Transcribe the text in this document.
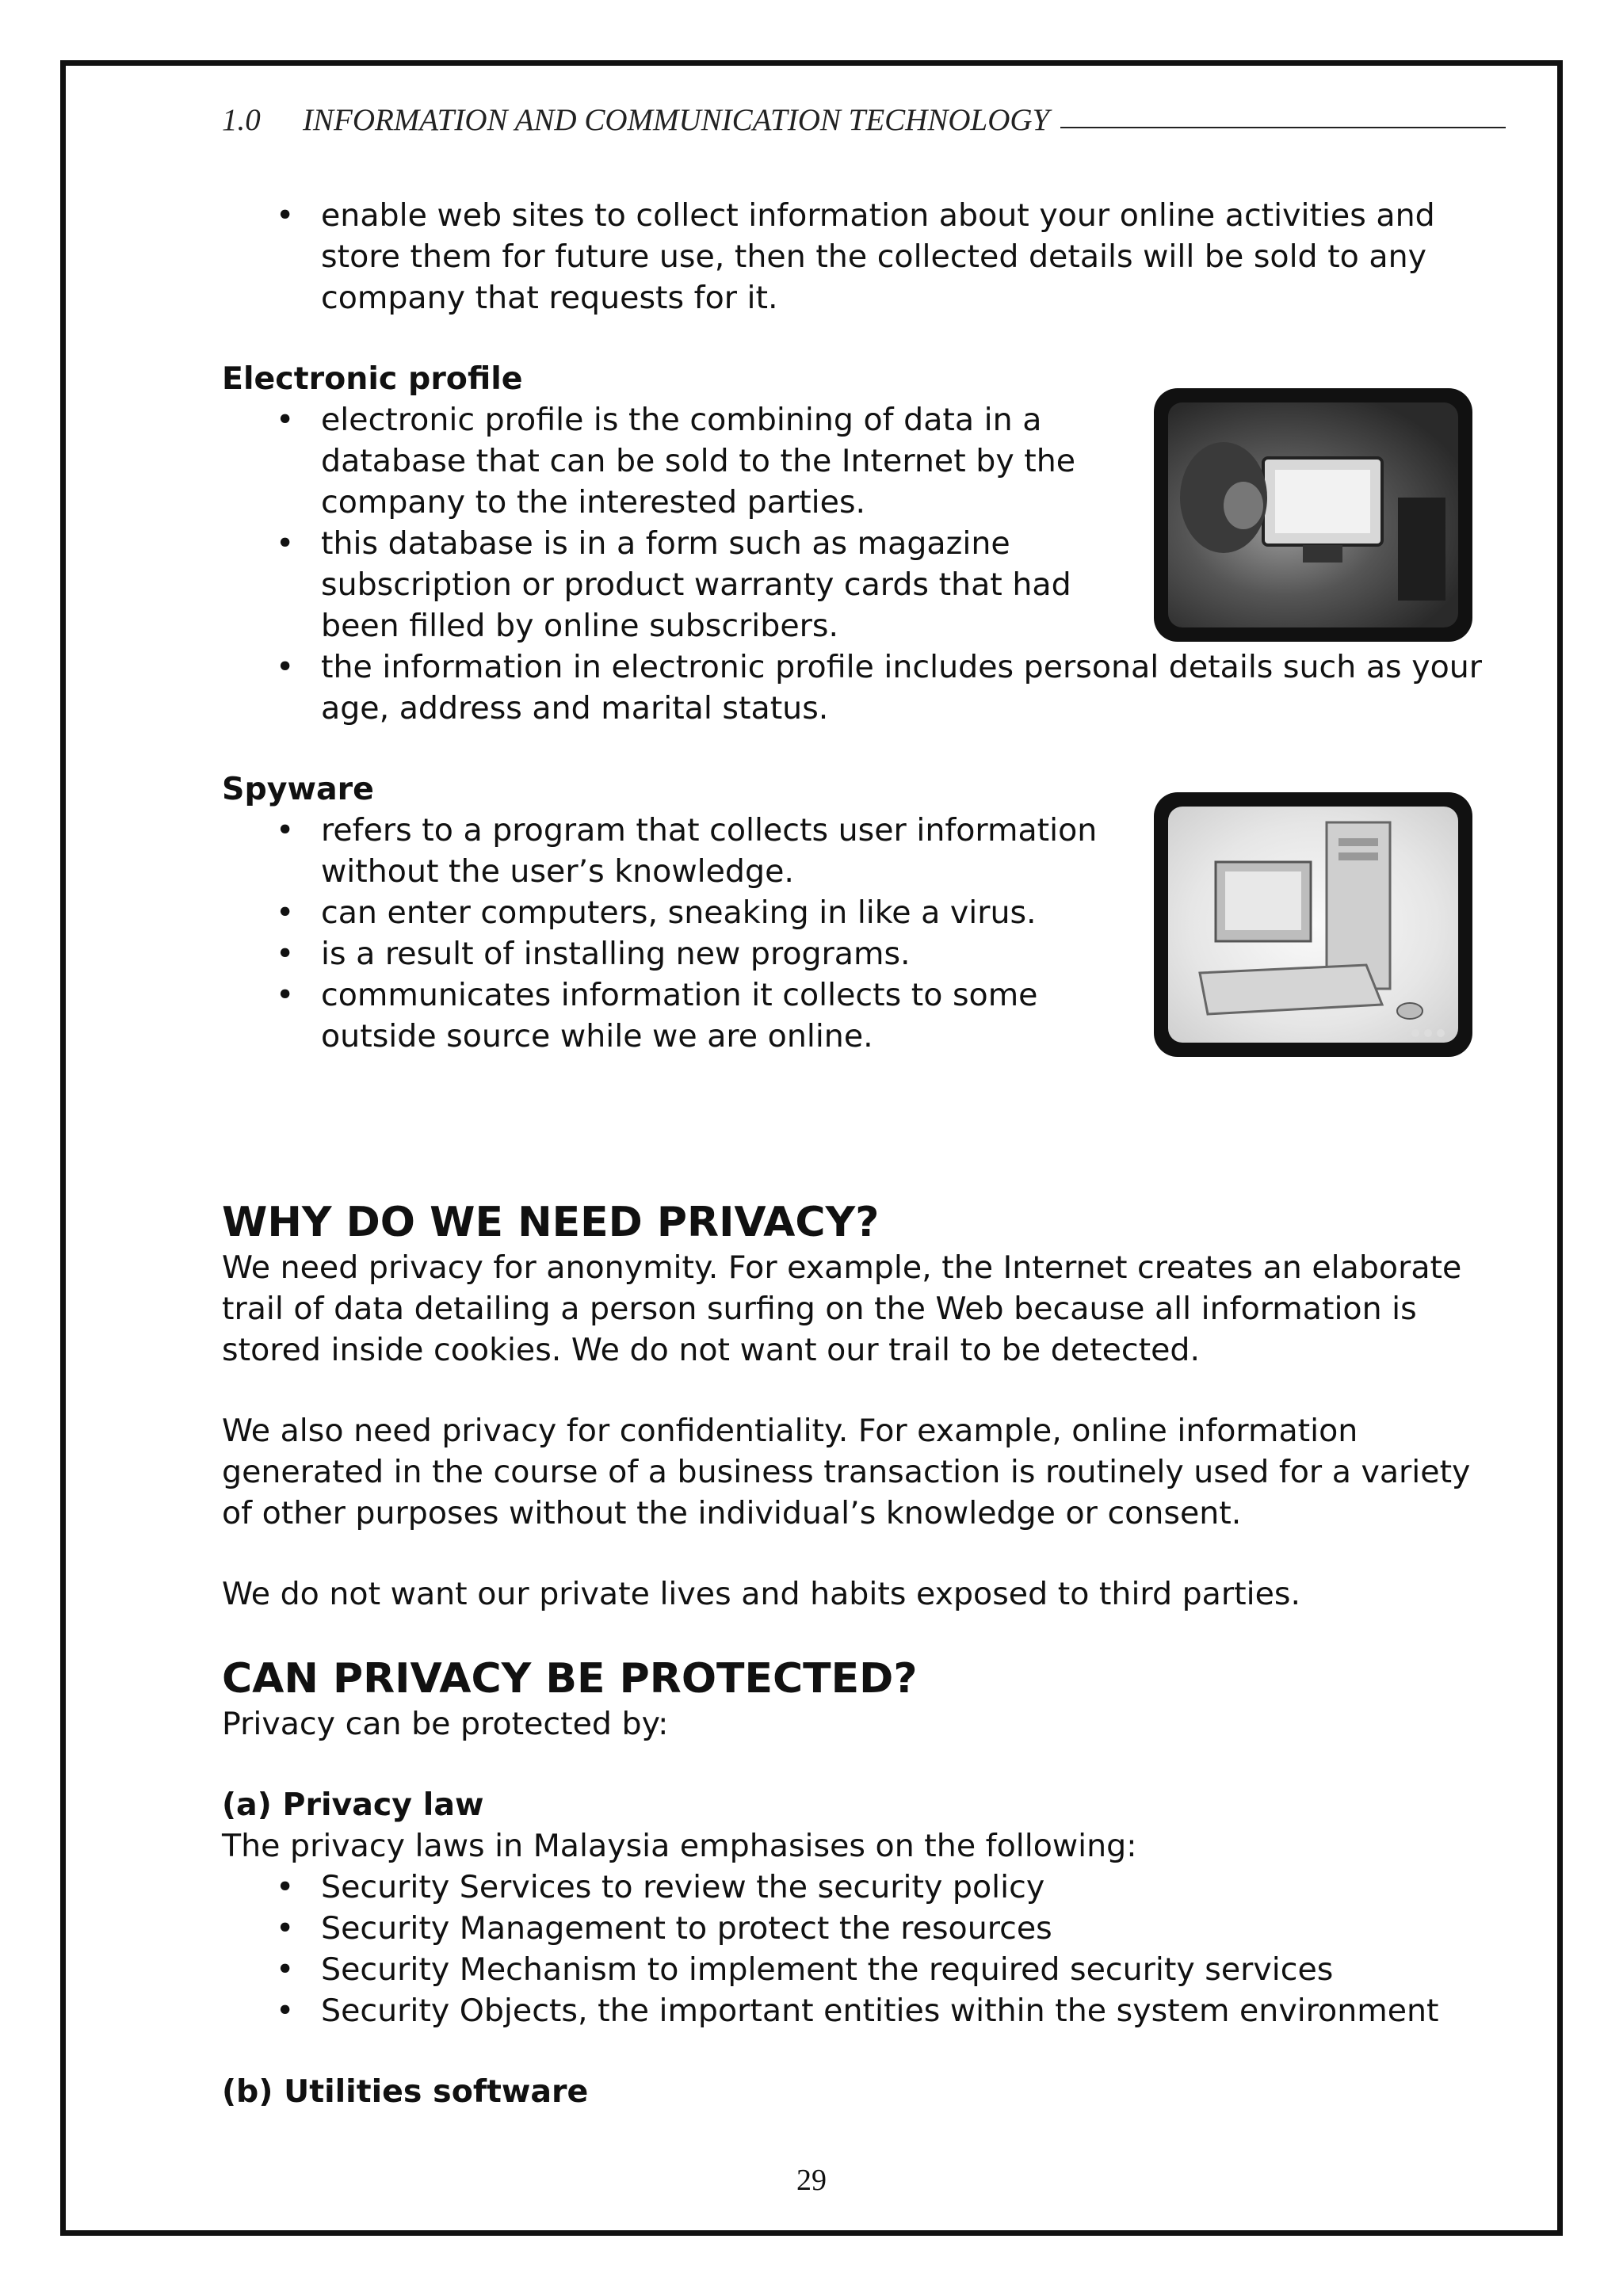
1.0	INFORMATION AND COMMUNICATION TECHNOLOGY
• enable web sites to collect information about your online activities and store them for future use, then the collected details will be sold to any company that requests for it.
Electronic profile
• electronic profile is the combining of data in a database that can be sold to the Internet by the company to the interested parties.
• this database is in a form such as magazine subscription or product warranty cards that had been filled by online subscribers.
• the information in electronic profile includes personal details such as your age, address and marital status.
Spyware
• refers to a program that collects user information without the user’s knowledge.
• can enter computers, sneaking in like a virus.
• is a result of installing new programs.
• communicates information it collects to some outside source while we are online.
WHY DO WE NEED PRIVACY?

We need privacy for anonymity. For example, the Internet creates an elaborate trail of data detailing a person surfing on the Web because all information is stored inside cookies. We do not want our trail to be detected.

We also need privacy for confidentiality. For example, online information generated in the course of a business transaction is routinely used for a variety of other purposes without the individual’s knowledge or consent.

We do not want our private lives and habits exposed to third parties.

CAN PRIVACY BE PROTECTED?

Privacy can be protected by:

(a) Privacy law

The privacy laws in Malaysia emphasises on the following:

• Security Services to review the security policy
• Security Management to protect the resources
• Security Mechanism to implement the required security services
• Security Objects, the important entities within the system environment
(b) Utilities software
29
